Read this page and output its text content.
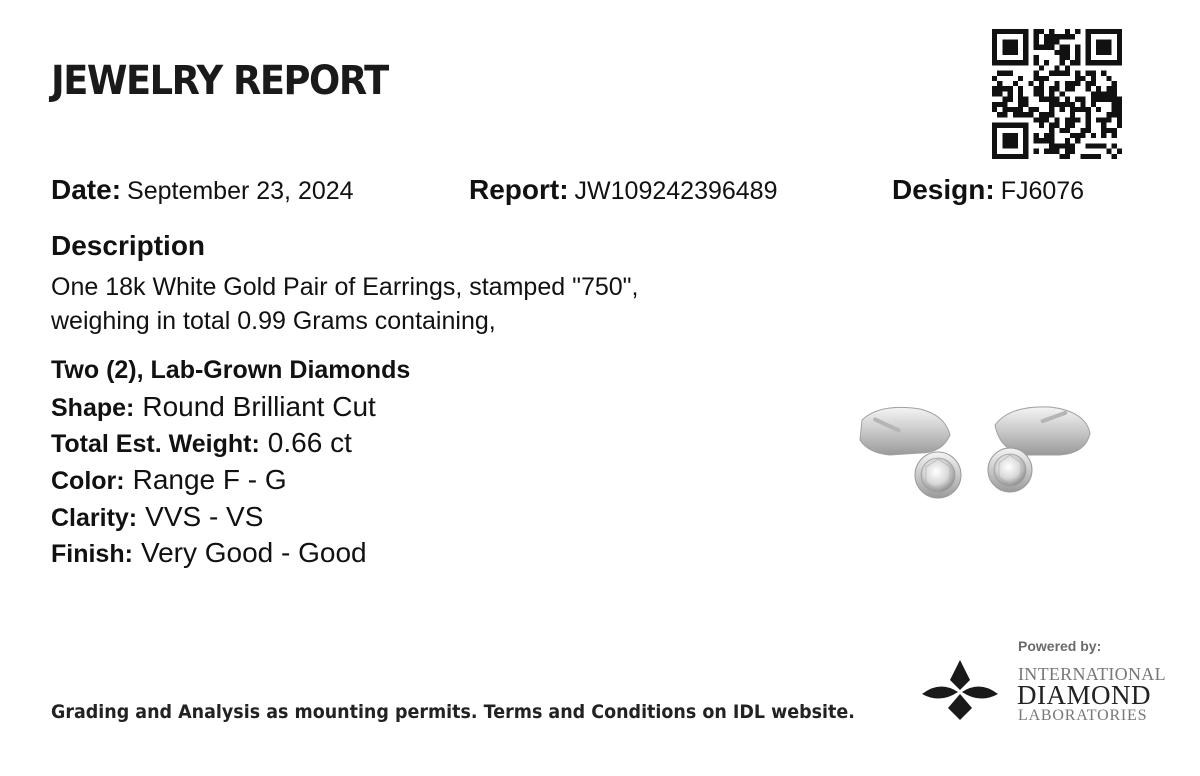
JEWELRY REPORT
Date: September 23, 2024	Report: JW109242396489	Design: FJ6076
Description
One 18k White Gold Pair of Earrings, stamped "750",
weighing in total 0.99 Grams containing,
Two (2), Lab-Grown Diamonds
Shape: Round Brilliant Cut
Total Est. Weight: 0.66 ct
Color: Range F - G
Clarity: VVS - VS
Finish: Very Good - Good
Grading and Analysis as mounting permits. Terms and Conditions on IDL website.
Powered by:
INTERNATIONAL
DIAMOND
LABORATORIES
